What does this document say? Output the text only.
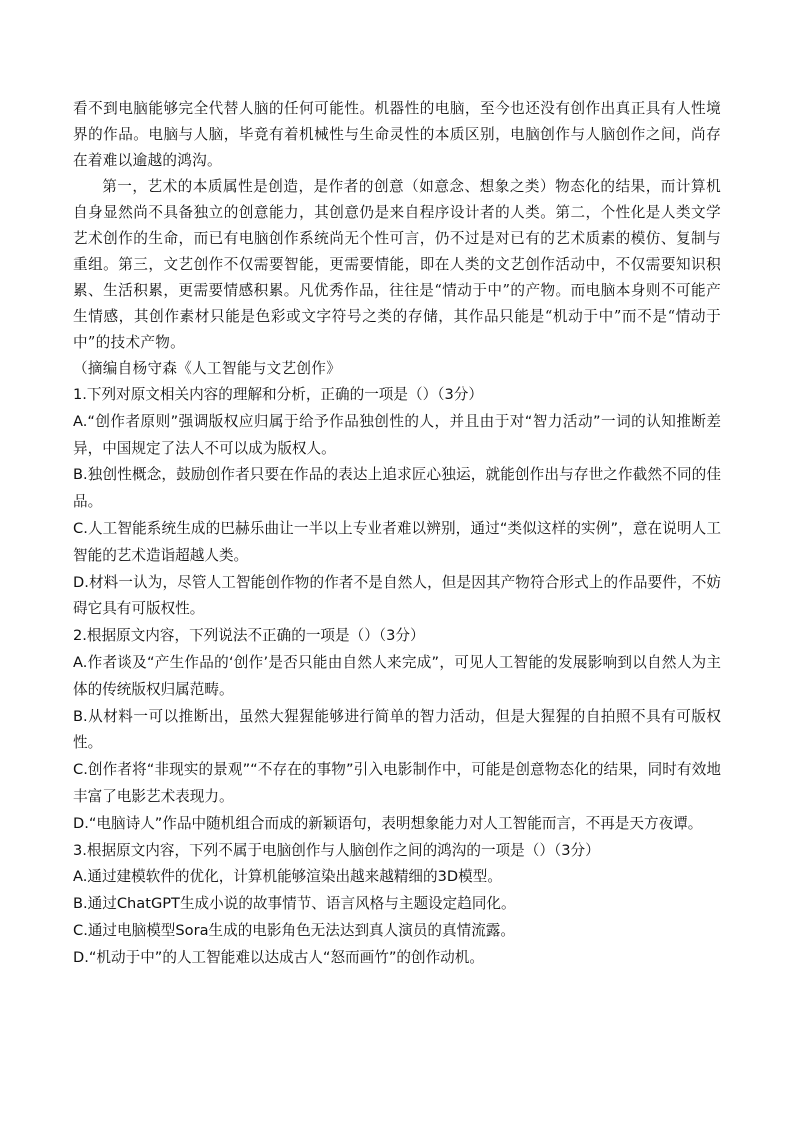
看不到电脑能够完全代替人脑的任何可能性。机器性的电脑，至今也还没有创作出真正具有人性境界的作品。电脑与人脑，毕竟有着机械性与生命灵性的本质区别，电脑创作与人脑创作之间，尚存在着难以逾越的鸿沟。

第一，艺术的本质属性是创造，是作者的创意（如意念、想象之类）物态化的结果，而计算机自身显然尚不具备独立的创意能力，其创意仍是来自程序设计者的人类。第二，个性化是人类文学艺术创作的生命，而已有电脑创作系统尚无个性可言，仍不过是对已有的艺术质素的模仿、复制与重组。第三，文艺创作不仅需要智能，更需要情能，即在人类的文艺创作活动中，不仅需要知识积累、生活积累，更需要情感积累。凡优秀作品，往往是“情动于中”的产物。而电脑本身则不可能产生情感，其创作素材只能是色彩或文字符号之类的存储，其作品只能是“机动于中”而不是“情动于中”的技术产物。

（摘编自杨守森《人工智能与文艺创作》

1.下列对原文相关内容的理解和分析，正确的一项是（）（3分）

A.“创作者原则”强调版权应归属于给予作品独创性的人，并且由于对“智力活动”一词的认知推断差异，中国规定了法人不可以成为版权人。

B.独创性概念，鼓励创作者只要在作品的表达上追求匠心独运，就能创作出与存世之作截然不同的佳品。

C.人工智能系统生成的巴赫乐曲让一半以上专业者难以辨别，通过“类似这样的实例”，意在说明人工智能的艺术造诣超越人类。

D.材料一认为，尽管人工智能创作物的作者不是自然人，但是因其产物符合形式上的作品要件，不妨碍它具有可版权性。

2.根据原文内容，下列说法不正确的一项是（）（3分）

A.作者谈及“产生作品的‘创作’是否只能由自然人来完成”，可见人工智能的发展影响到以自然人为主体的传统版权归属范畴。

B.从材料一可以推断出，虽然大猩猩能够进行简单的智力活动，但是大猩猩的自拍照不具有可版权性。

C.创作者将“非现实的景观”“不存在的事物”引入电影制作中，可能是创意物态化的结果，同时有效地丰富了电影艺术表现力。

D.“电脑诗人”作品中随机组合而成的新颖语句，表明想象能力对人工智能而言，不再是天方夜谭。

3.根据原文内容，下列不属于电脑创作与人脑创作之间的鸿沟的一项是（）（3分）

A.通过建模软件的优化，计算机能够渲染出越来越精细的3D模型。

B.通过ChatGPT生成小说的故事情节、语言风格与主题设定趋同化。

C.通过电脑模型Sora生成的电影角色无法达到真人演员的真情流露。

D.“机动于中”的人工智能难以达成古人“怒而画竹”的创作动机。
